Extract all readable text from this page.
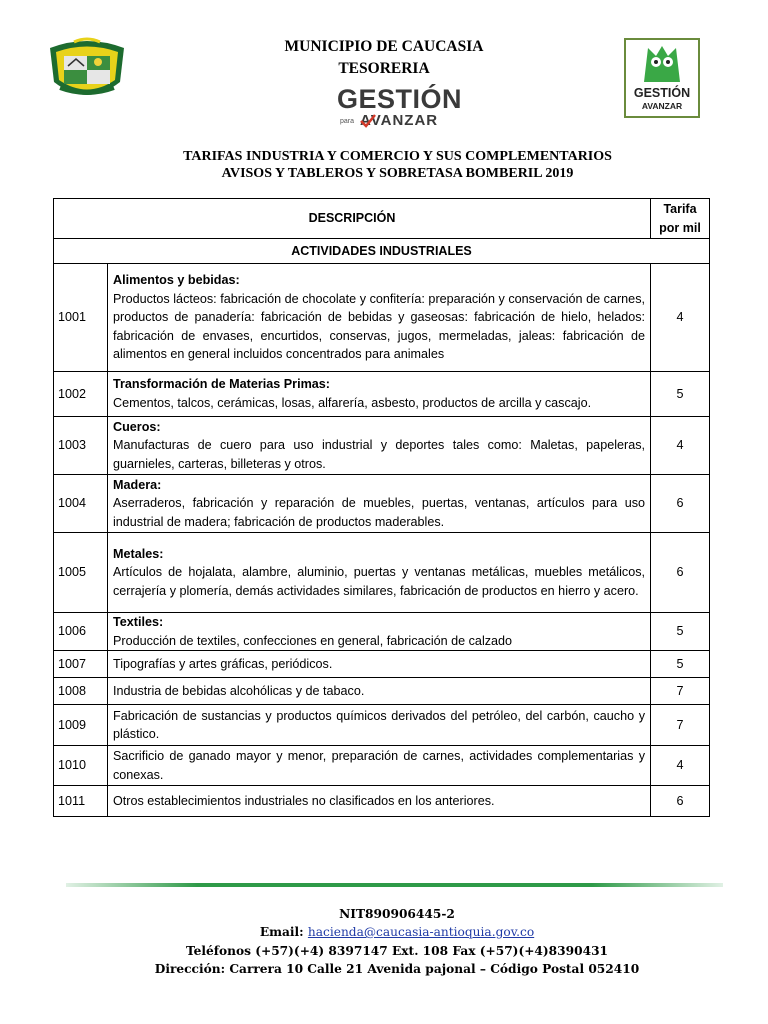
MUNICIPIO DE CAUCASIA
TESORERIA
GESTIÓN
para AVANZAR
GESTIÓN
AVANZAR
TARIFAS INDUSTRIA Y COMERCIO Y SUS COMPLEMENTARIOS
AVISOS Y TABLEROS Y SOBRETASA BOMBERIL 2019
DESCRIPCIÓN		Tarifa
por mil
ACTIVIDADES INDUSTRIALES		
1001	Alimentos y bebidas:
Productos lácteos: fabricación de chocolate y confitería: preparación y conservación de carnes, productos de panadería: fabricación de bebidas y gaseosas: fabricación de hielo, helados: fabricación de envases, encurtidos, conservas, jugos, mermeladas, jaleas: fabricación de alimentos en general incluidos concentrados para animales	4
1002	Transformación de Materias Primas:
Cementos, talcos, cerámicas, losas, alfarería, asbesto, productos de arcilla y cascajo.	5
1003	Cueros:
Manufacturas de cuero para uso industrial y deportes tales como: Maletas, papeleras, guarnieles, carteras, billeteras y otros.	4
1004	Madera:
Aserraderos, fabricación y reparación de muebles, puertas, ventanas, artículos para uso industrial de madera; fabricación de productos maderables.	6
1005	Metales:
Artículos de hojalata, alambre, aluminio, puertas y ventanas metálicas, muebles metálicos, cerrajería y plomería, demás actividades similares, fabricación de productos en hierro y acero.	6
1006	Textiles:
Producción de textiles, confecciones en general, fabricación de calzado	5
1007	Tipografías y artes gráficas, periódicos.	5
1008	Industria de bebidas alcohólicas y de tabaco.	7
1009	Fabricación de sustancias y productos químicos derivados del petróleo, del carbón, caucho y plástico.	7
1010	Sacrificio de ganado mayor y menor, preparación de carnes, actividades complementarias y conexas.	4
1011	Otros establecimientos industriales no clasificados en los anteriores.	6
NIT890906445-2
Email: hacienda@caucasia-antioquia.gov.co
Teléfonos (+57)(+4) 8397147 Ext. 108 Fax (+57)(+4)8390431
Dirección: Carrera 10 Calle 21 Avenida pajonal – Código Postal 052410
